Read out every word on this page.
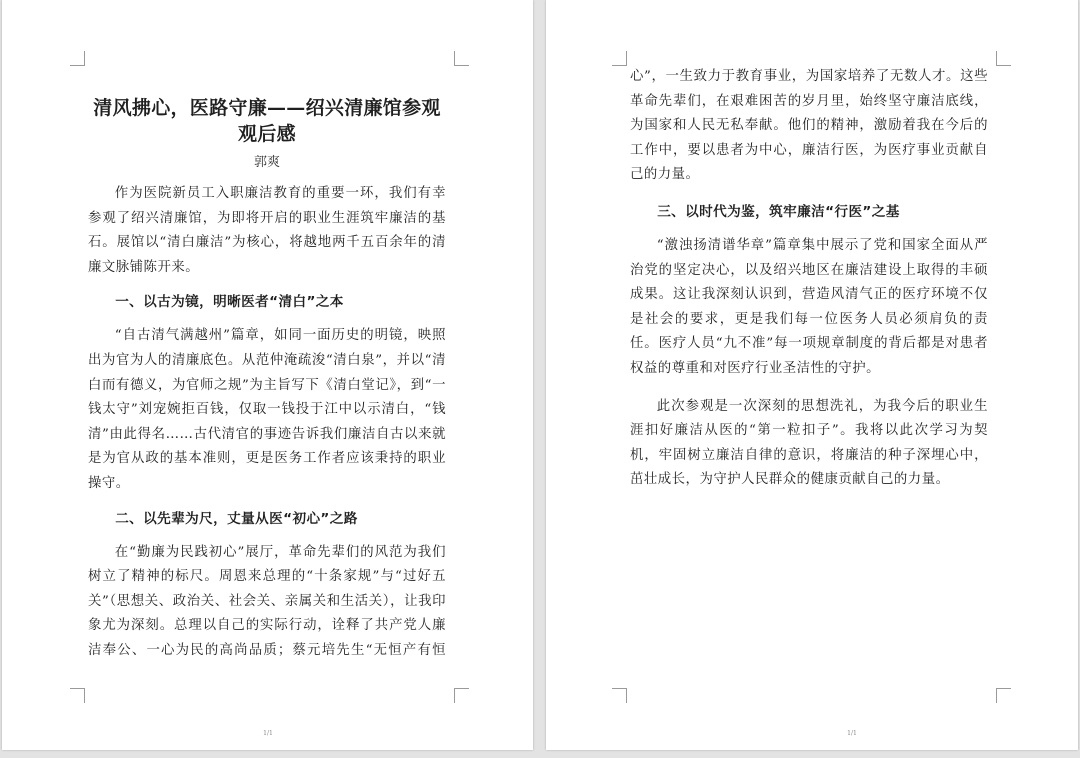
清风拂心，医路守廉——绍兴清廉馆参观观后感
郭爽

作为医院新员工入职廉洁教育的重要一环，我们有幸参观了绍兴清廉馆，为即将开启的职业生涯筑牢廉洁的基石。展馆以“清白廉洁”为核心，将越地两千五百余年的清廉文脉铺陈开来。

一、以古为镜，明晰医者“清白”之本

“自古清气满越州”篇章，如同一面历史的明镜，映照出为官为人的清廉底色。从范仲淹疏浚“清白泉”，并以“清白而有德义，为官师之规”为主旨写下《清白堂记》，到“一钱太守”刘宠婉拒百钱，仅取一钱投于江中以示清白，“钱清”由此得名……古代清官的事迹告诉我们廉洁自古以来就是为官从政的基本准则，更是医务工作者应该秉持的职业操守。

二、以先辈为尺，丈量从医“初心”之路

在“勤廉为民践初心”展厅，革命先辈们的风范为我们树立了精神的标尺。周恩来总理的“十条家规”与“过好五关”（思想关、政治关、社会关、亲属关和生活关），让我印象尤为深刻。总理以自己的实际行动，诠释了共产党人廉洁奉公、一心为民的高尚品质；蔡元培先生“无恒产有恒

1/1

心”，一生致力于教育事业，为国家培养了无数人才。这些革命先辈们，在艰难困苦的岁月里，始终坚守廉洁底线，为国家和人民无私奉献。他们的精神，激励着我在今后的工作中，要以患者为中心，廉洁行医，为医疗事业贡献自己的力量。

三、以时代为鉴，筑牢廉洁“行医”之基

“激浊扬清谱华章”篇章集中展示了党和国家全面从严治党的坚定决心，以及绍兴地区在廉洁建设上取得的丰硕成果。这让我深刻认识到，营造风清气正的医疗环境不仅是社会的要求，更是我们每一位医务人员必须肩负的责任。医疗人员“九不准”每一项规章制度的背后都是对患者权益的尊重和对医疗行业圣洁性的守护。

此次参观是一次深刻的思想洗礼，为我今后的职业生涯扣好廉洁从医的“第一粒扣子”。我将以此次学习为契机，牢固树立廉洁自律的意识，将廉洁的种子深埋心中，茁壮成长，为守护人民群众的健康贡献自己的力量。

1/1
